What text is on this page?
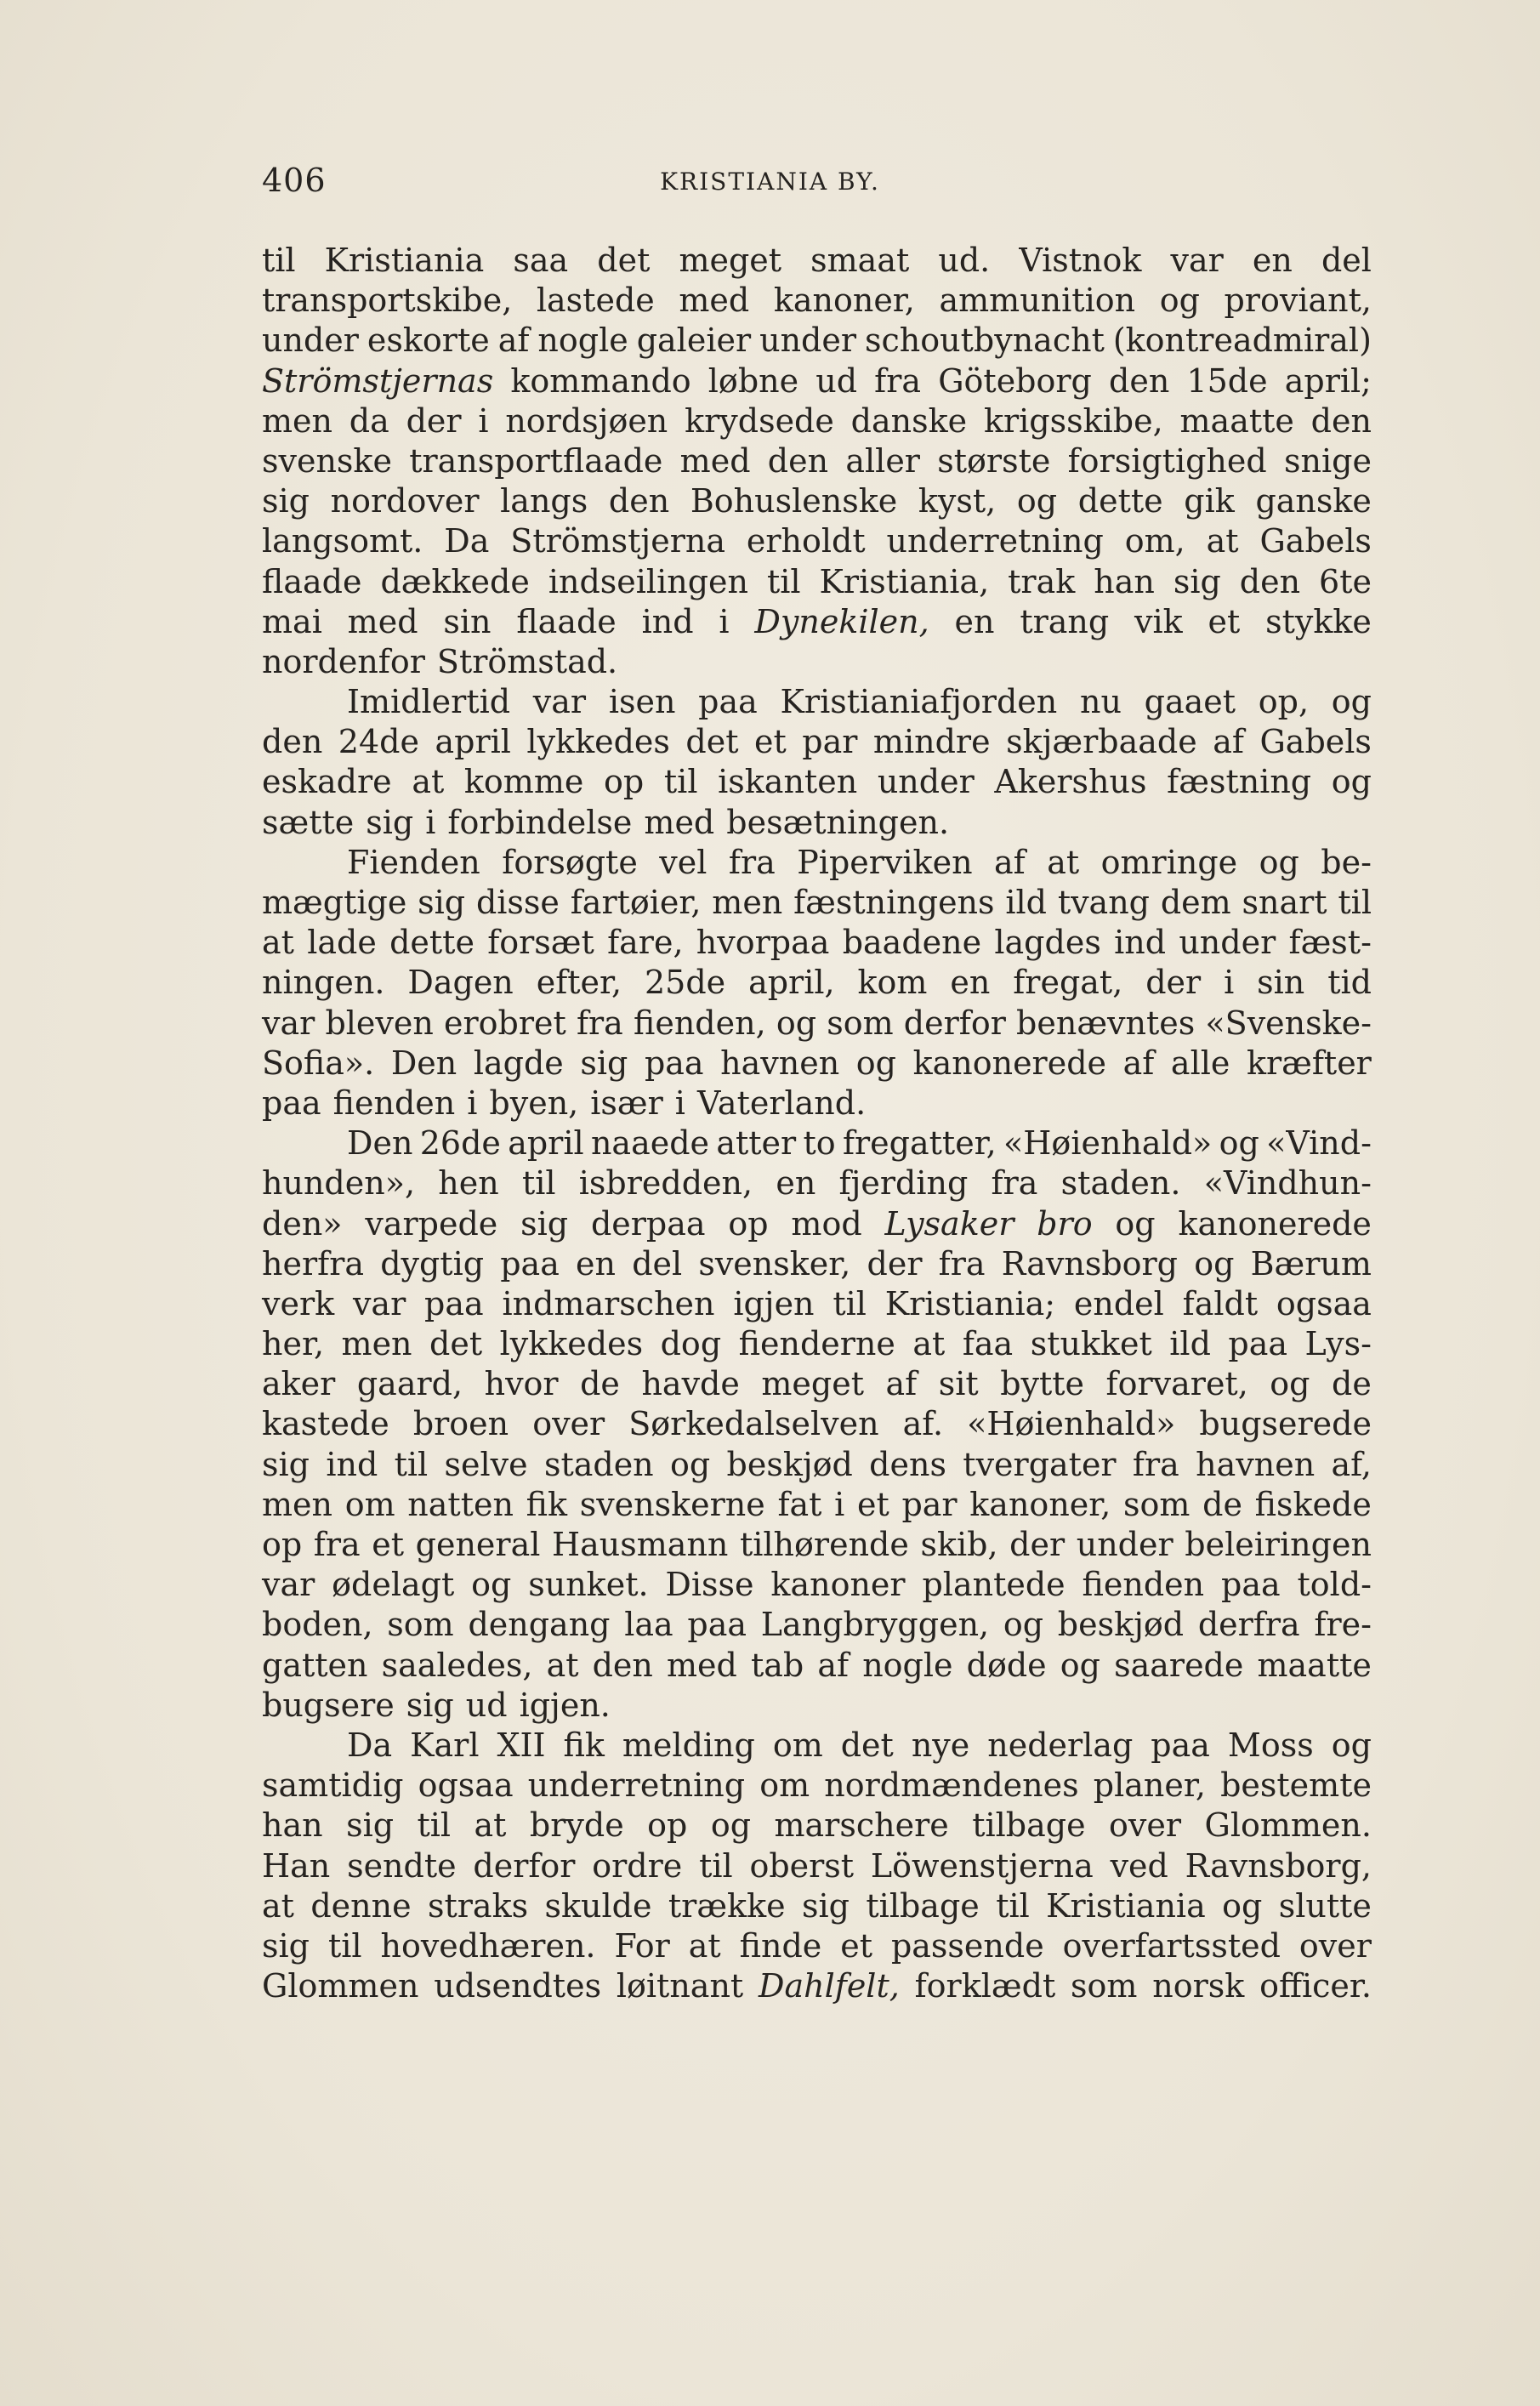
406	KRISTIANIA BY.
til Kristiania saa det meget smaat ud. Vistnok var en del
transportskibe, lastede med kanoner, ammunition og proviant,
under eskorte af nogle galeier under schoutbynacht (kontreadmiral)
Strömstjernas kommando løbne ud fra Göteborg den 15de april;
men da der i nordsjøen krydsede danske krigsskibe, maatte den
svenske transportflaade med den aller største forsigtighed snige
sig nordover langs den Bohuslenske kyst, og dette gik ganske
langsomt. Da Strömstjerna erholdt underretning om, at Gabels
flaade dækkede indseilingen til Kristiania, trak han sig den 6te
mai med sin flaade ind i Dynekilen, en trang vik et stykke
nordenfor Strömstad.
Imidlertid var isen paa Kristianiafjorden nu gaaet op, og
den 24de april lykkedes det et par mindre skjærbaade af Gabels
eskadre at komme op til iskanten under Akershus fæstning og
sætte sig i forbindelse med besætningen.
Fienden forsøgte vel fra Piperviken af at omringe og be-
mægtige sig disse fartøier, men fæstningens ild tvang dem snart til
at lade dette forsæt fare, hvorpaa baadene lagdes ind under fæst-
ningen. Dagen efter, 25de april, kom en fregat, der i sin tid
var bleven erobret fra fienden, og som derfor benævntes «Svenske-
Sofia». Den lagde sig paa havnen og kanonerede af alle kræfter
paa fienden i byen, især i Vaterland.
Den 26de april naaede atter to fregatter, «Høienhald» og «Vind-
hunden», hen til isbredden, en fjerding fra staden. «Vindhun-
den» varpede sig derpaa op mod Lysaker bro og kanonerede
herfra dygtig paa en del svensker, der fra Ravnsborg og Bærum
verk var paa indmarschen igjen til Kristiania; endel faldt ogsaa
her, men det lykkedes dog fienderne at faa stukket ild paa Lys-
aker gaard, hvor de havde meget af sit bytte forvaret, og de
kastede broen over Sørkedalselven af. «Høienhald» bugserede
sig ind til selve staden og beskjød dens tvergater fra havnen af,
men om natten fik svenskerne fat i et par kanoner, som de fiskede
op fra et general Hausmann tilhørende skib, der under beleiringen
var ødelagt og sunket. Disse kanoner plantede fienden paa told-
boden, som dengang laa paa Langbryggen, og beskjød derfra fre-
gatten saaledes, at den med tab af nogle døde og saarede maatte
bugsere sig ud igjen.
Da Karl XII fik melding om det nye nederlag paa Moss og
samtidig ogsaa underretning om nordmændenes planer, bestemte
han sig til at bryde op og marschere tilbage over Glommen.
Han sendte derfor ordre til oberst Löwenstjerna ved Ravnsborg,
at denne straks skulde trække sig tilbage til Kristiania og slutte
sig til hovedhæren. For at finde et passende overfartssted over
Glommen udsendtes løitnant Dahlfelt, forklædt som norsk officer.
